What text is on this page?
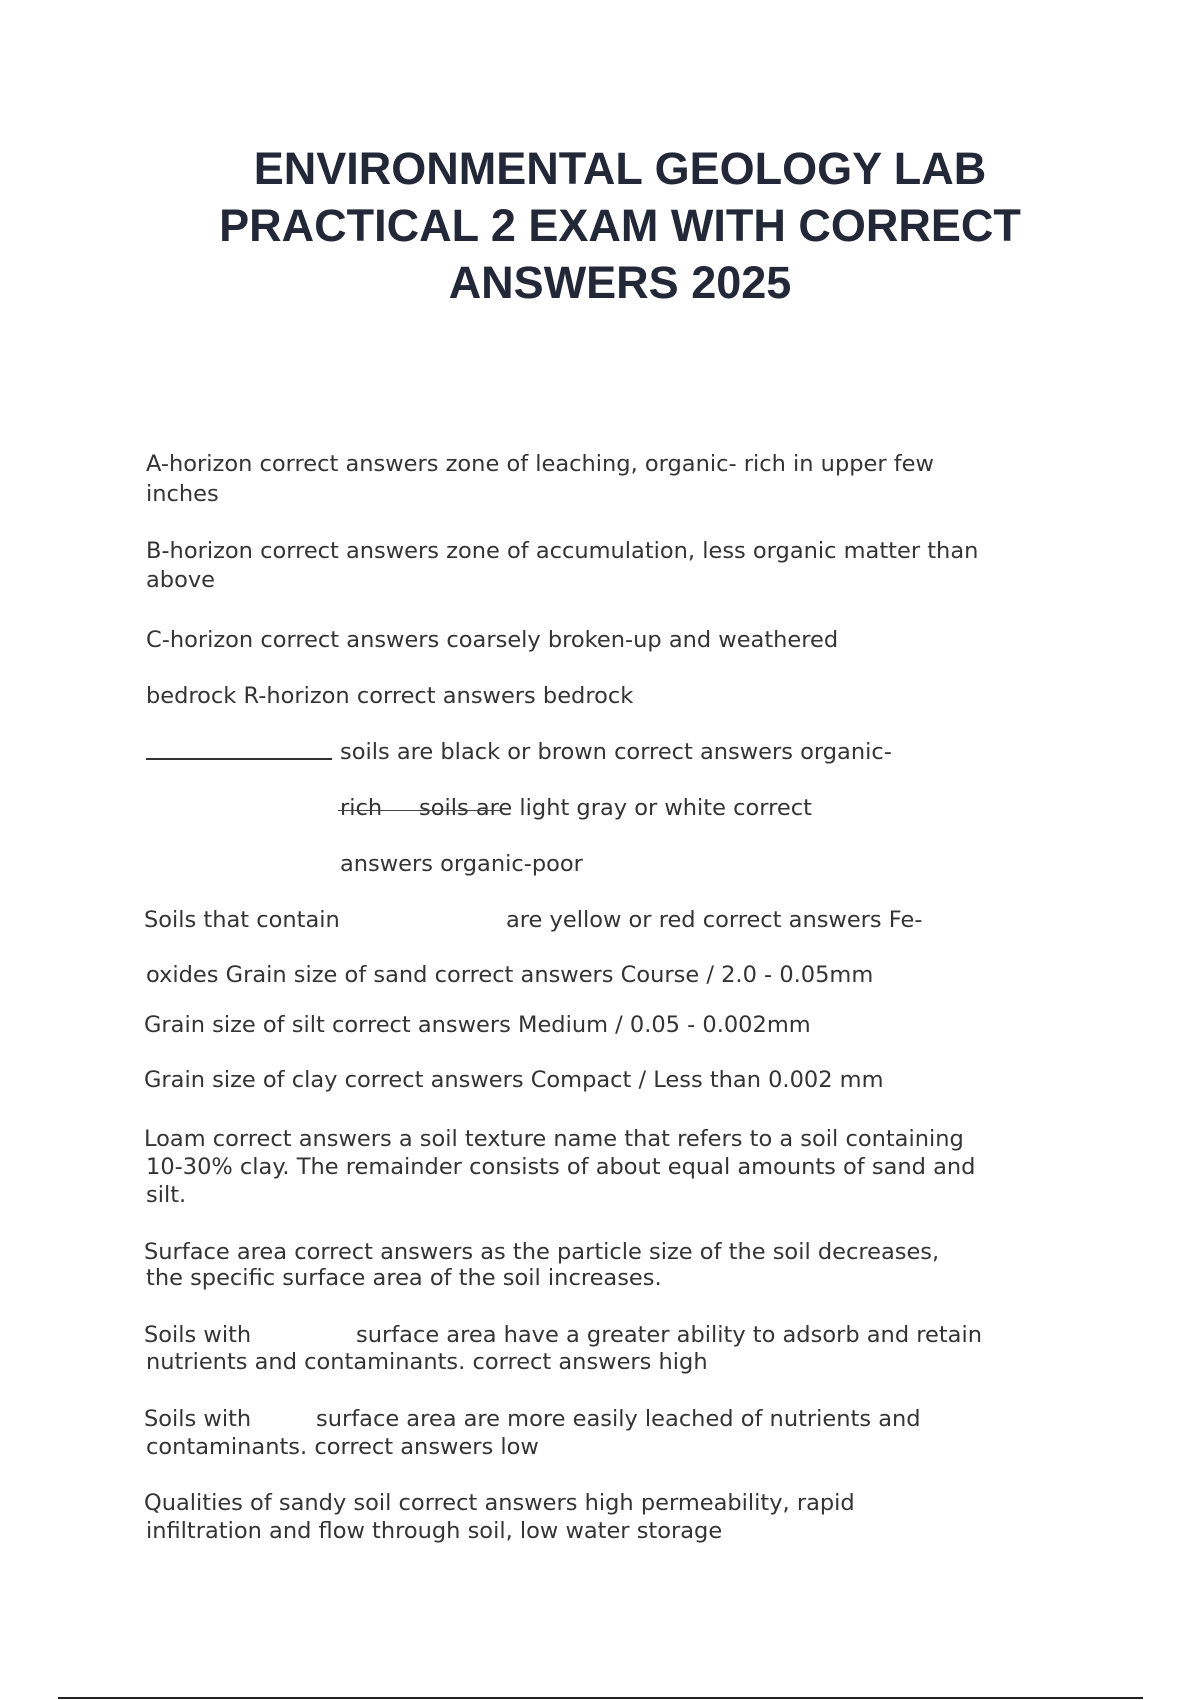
ENVIRONMENTAL GEOLOGY LAB
PRACTICAL 2 EXAM WITH CORRECT
ANSWERS 2025
A-horizon correct answers zone of leaching, organic- rich in upper few
inches
B-horizon correct answers zone of accumulation, less organic matter than
above
C-horizon correct answers coarsely broken-up and weathered
bedrock R-horizon correct answers bedrock
soils are black or brown correct answers organic-
rich soils are light gray or white correct
answers organic-poor
Soils that contain	are yellow or red correct answers Fe-
oxides Grain size of sand correct answers Course / 2.0 - 0.05mm
Grain size of silt correct answers Medium / 0.05 - 0.002mm
Grain size of clay correct answers Compact / Less than 0.002 mm
Loam correct answers a soil texture name that refers to a soil containing
10-30% clay. The remainder consists of about equal amounts of sand and
silt.
Surface area correct answers as the particle size of the soil decreases,
the specific surface area of the soil increases.
Soils with	surface area have a greater ability to adsorb and retain
nutrients and contaminants. correct answers high
Soils with	surface area are more easily leached of nutrients and
contaminants. correct answers low
Qualities of sandy soil correct answers high permeability, rapid
infiltration and flow through soil, low water storage
